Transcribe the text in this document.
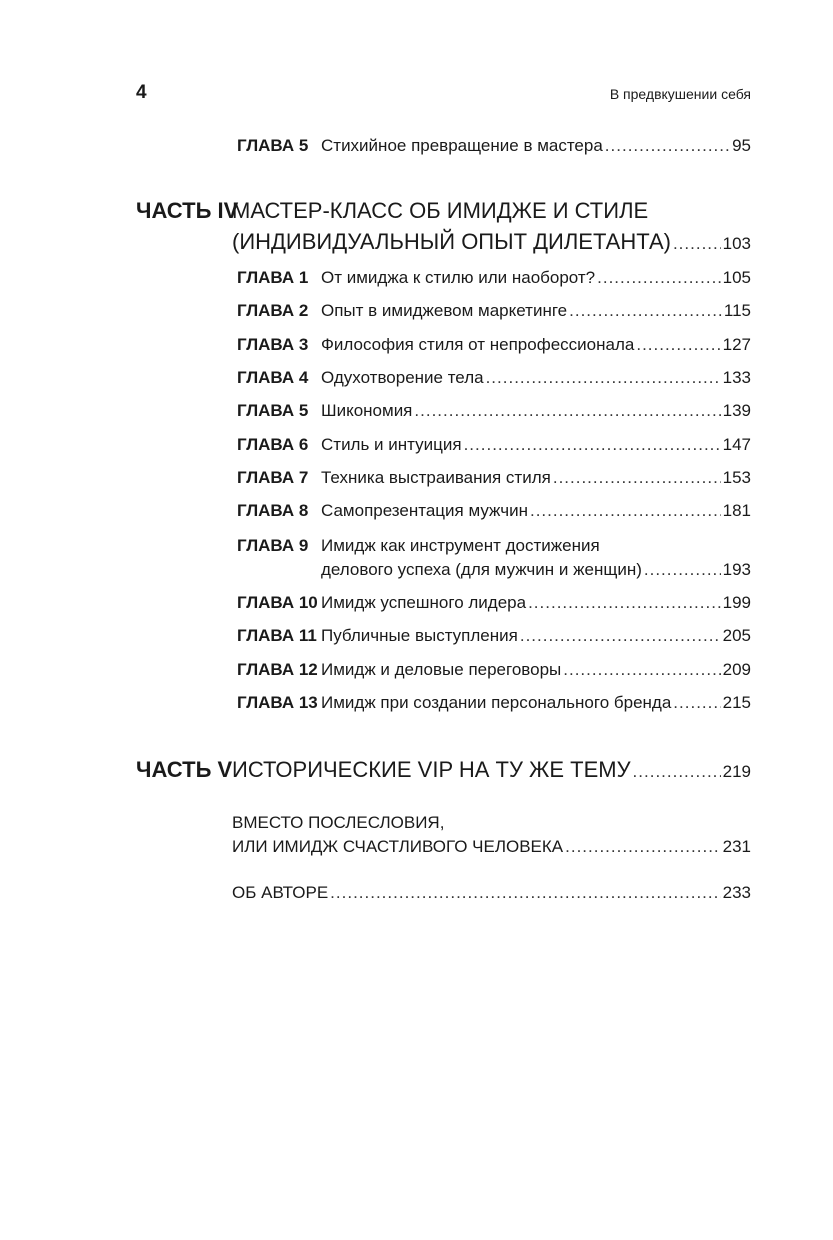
4	В предвкушении себя
ГЛАВА 5 Стихийное превращение в мастера .....	95
ЧАСТЬ IV
МАСТЕР-КЛАСС ОБ ИМИДЖЕ И СТИЛЕ
(ИНДИВИДУАЛЬНЫЙ ОПЫТ ДИЛЕТАНТА) .....	103
ГЛАВА 1 От имиджа к стилю или наоборот? .....	105
ГЛАВА 2 Опыт в имиджевом маркетинге .....	115
ГЛАВА 3 Философия стиля от непрофессионала .....	127
ГЛАВА 4 Одухотворение тела .....	133
ГЛАВА 5 Шикономия .....	139
ГЛАВА 6 Стиль и интуиция .....	147
ГЛАВА 7 Техника выстраивания стиля .....	153
ГЛАВА 8 Самопрезентация мужчин .....	181
ГЛАВА 9 Имидж как инструмент достижения
делового успеха (для мужчин и женщин) .....	193
ГЛАВА 10 Имидж успешного лидера .....	199
ГЛАВА 11 Публичные выступления .....	205
ГЛАВА 12 Имидж и деловые переговоры .....	209
ГЛАВА 13 Имидж при создании персонального бренда .....	215
ЧАСТЬ V ИСТОРИЧЕСКИЕ VIP НА ТУ ЖЕ ТЕМУ .....	219
ВМЕСТО ПОСЛЕСЛОВИЯ,
ИЛИ ИМИДЖ СЧАСТЛИВОГО ЧЕЛОВЕКА .....	231
ОБ АВТОРЕ .....	233
